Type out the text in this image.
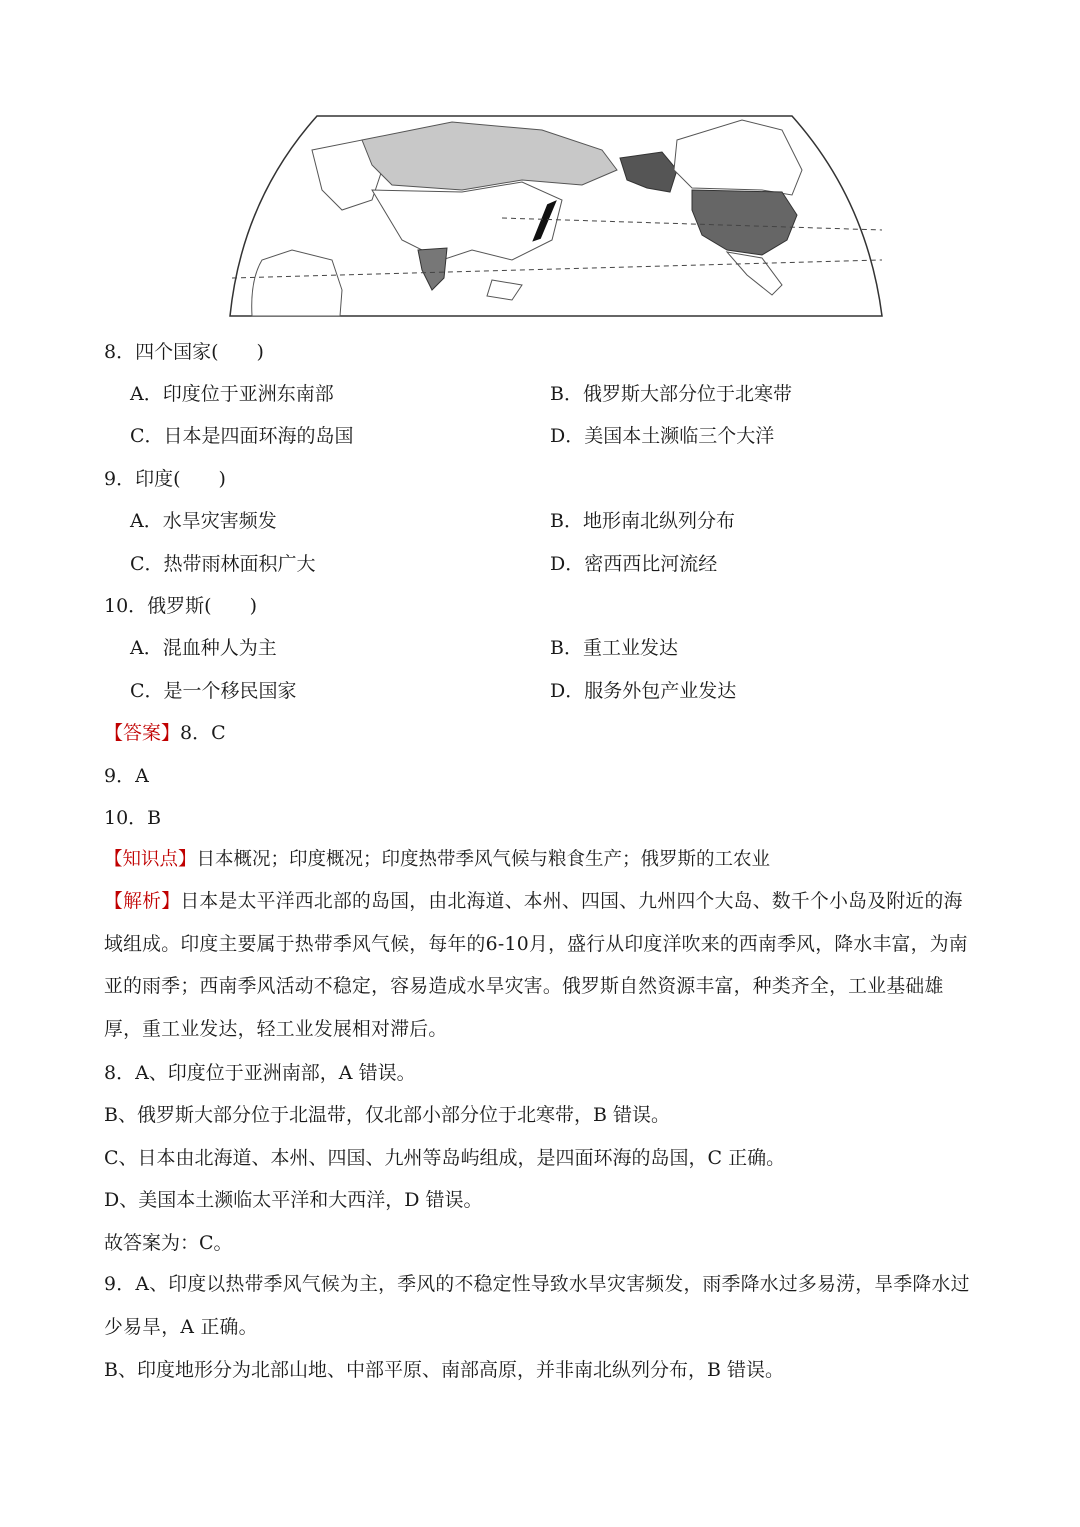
8．四个国家(　　)
A．印度位于亚洲东南部	B．俄罗斯大部分位于北寒带
C．日本是四面环海的岛国	D．美国本土濒临三个大洋
9．印度(　　)
A．水旱灾害频发	B．地形南北纵列分布
C．热带雨林面积广大	D．密西西比河流经
10．俄罗斯(　　)
A．混血种人为主	B．重工业发达
C．是一个移民国家	D．服务外包产业发达
【答案】8．C
9．A
10．B
【知识点】日本概况；印度概况；印度热带季风气候与粮食生产；俄罗斯的工农业
【解析】日本是太平洋西北部的岛国，由北海道、本州、四国、九州四个大岛、数千个小岛及附近的海域组成。印度主要属于热带季风气候，每年的6-10月，盛行从印度洋吹来的西南季风，降水丰富，为南亚的雨季；西南季风活动不稳定，容易造成水旱灾害。俄罗斯自然资源丰富，种类齐全，工业基础雄厚，重工业发达，轻工业发展相对滞后。
8．A、印度位于亚洲南部，A 错误。
B、俄罗斯大部分位于北温带，仅北部小部分位于北寒带，B 错误。
C、日本由北海道、本州、四国、九州等岛屿组成，是四面环海的岛国，C 正确。
D、美国本土濒临太平洋和大西洋，D 错误。
故答案为：C。
9．A、印度以热带季风气候为主，季风的不稳定性导致水旱灾害频发，雨季降水过多易涝，旱季降水过少易旱，A 正确。
B、印度地形分为北部山地、中部平原、南部高原，并非南北纵列分布，B 错误。
